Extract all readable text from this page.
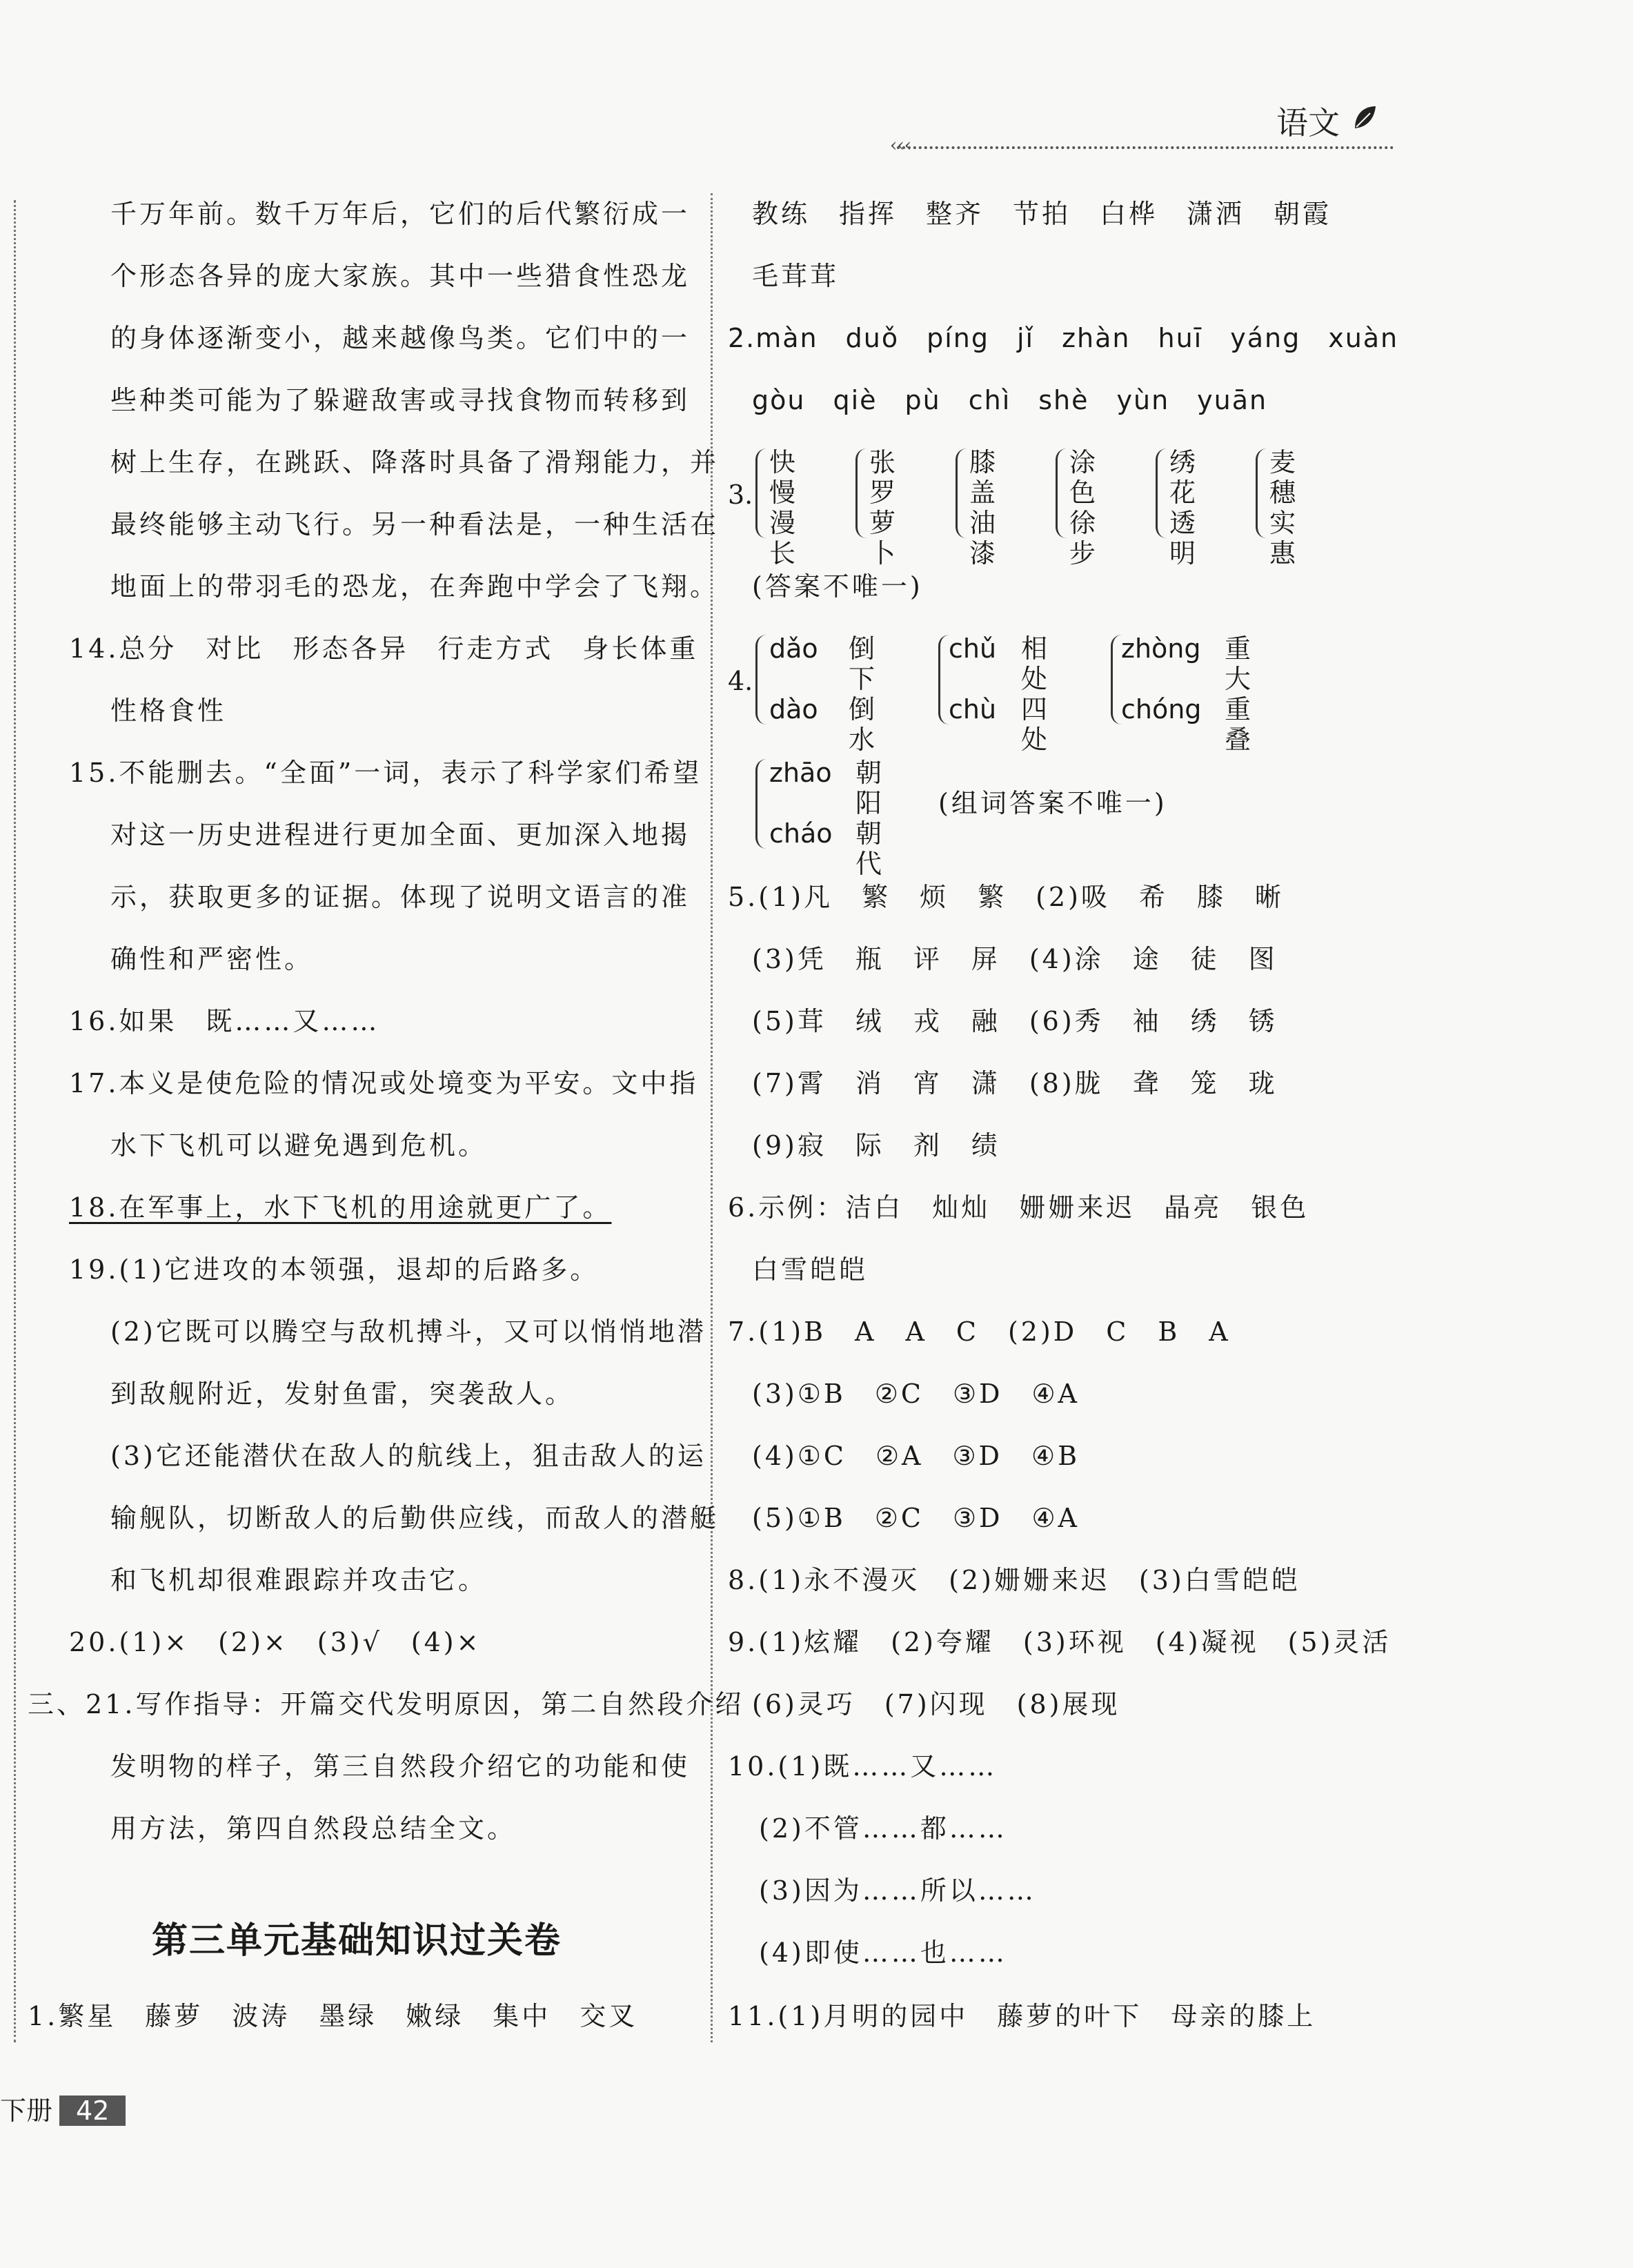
语文
‹‹‹
千万年前。数千万年后，它们的后代繁衍成一
个形态各异的庞大家族。其中一些猎食性恐龙
的身体逐渐变小，越来越像鸟类。它们中的一
些种类可能为了躲避敌害或寻找食物而转移到
树上生存，在跳跃、降落时具备了滑翔能力，并
最终能够主动飞行。另一种看法是，一种生活在
地面上的带羽毛的恐龙，在奔跑中学会了飞翔。
14.总分　对比　形态各异　行走方式　身长体重
性格食性
15.不能删去。“全面”一词，表示了科学家们希望
对这一历史进程进行更加全面、更加深入地揭
示，获取更多的证据。体现了说明文语言的准
确性和严密性。
16.如果　既……又……
17.本义是使危险的情况或处境变为平安。文中指
水下飞机可以避免遇到危机。
18.在军事上，水下飞机的用途就更广了。
19.(1)它进攻的本领强，退却的后路多。
(2)它既可以腾空与敌机搏斗，又可以悄悄地潜
到敌舰附近，发射鱼雷，突袭敌人。
(3)它还能潜伏在敌人的航线上，狙击敌人的运
输舰队，切断敌人的后勤供应线，而敌人的潜艇
和飞机却很难跟踪并攻击它。
20.(1)×　(2)×　(3)√　(4)×
三、21.写作指导：开篇交代发明原因，第二自然段介绍
发明物的样子，第三自然段介绍它的功能和使
用方法，第四自然段总结全文。
第三单元基础知识过关卷
1.繁星　藤萝　波涛　墨绿　嫩绿　集中　交叉
教练　指挥　整齐　节拍　白桦　潇洒　朝霞
毛茸茸
2.màn　duǒ　píng　jǐ　zhàn　huī　yáng　xuàn
gòu　qiè　pù　chì　shè　yùn　yuān
3.
快慢
漫长
张罗
萝卜
膝盖
油漆
涂色
徐步
绣花
透明
麦穗
实惠
(答案不唯一)
4.
dǎo 倒下
dào 倒水
chǔ 相处
chù 四处
zhòng 重大
chóng 重叠
zhāo 朝阳
cháo 朝代
(组词答案不唯一)
5.(1)凡　繁　烦　繁　(2)吸　希　膝　晰
(3)凭　瓶　评　屏　(4)涂　途　徒　图
(5)茸　绒　戎　融　(6)秀　袖　绣　锈
(7)霄　消　宵　潇　(8)胧　聋　笼　珑
(9)寂　际　剂　绩
6.示例：洁白　灿灿　姗姗来迟　晶亮　银色
白雪皑皑
7.(1)B　A　A　C　(2)D　C　B　A
(3)①B　②C　③D　④A
(4)①C　②A　③D　④B
(5)①B　②C　③D　④A
8.(1)永不漫灭　(2)姗姗来迟　(3)白雪皑皑
9.(1)炫耀　(2)夸耀　(3)环视　(4)凝视　(5)灵活
(6)灵巧　(7)闪现　(8)展现
10.(1)既……又……
(2)不管……都……
(3)因为……所以……
(4)即使……也……
11.(1)月明的园中　藤萝的叶下　母亲的膝上
下册 42
